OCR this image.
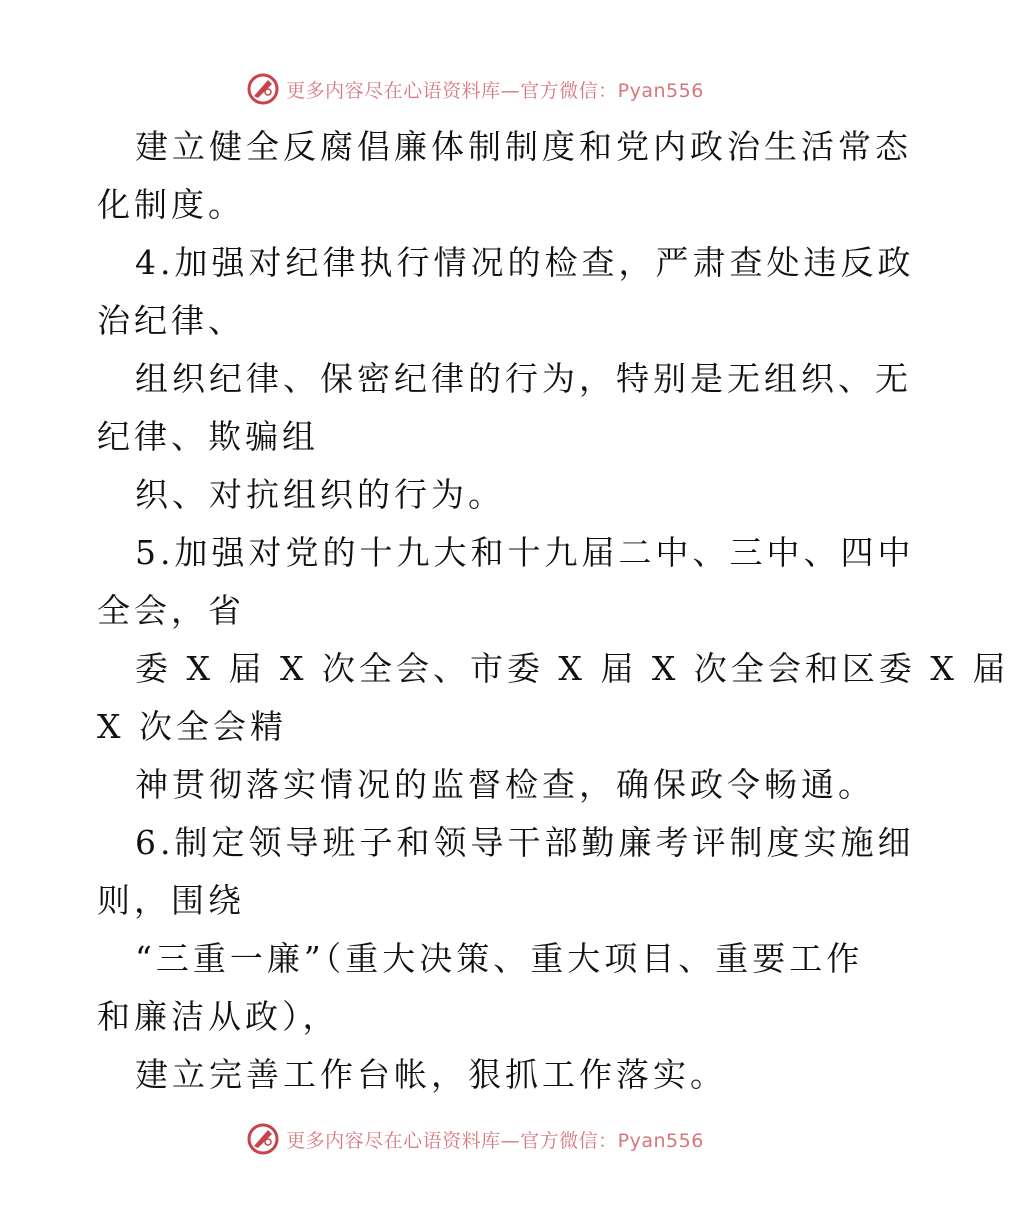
更多内容尽在心语资料库—官方微信：Pyan556
建立健全反腐倡廉体制制度和党内政治生活常态
化制度。
4.加强对纪律执行情况的检查，严肃查处违反政
治纪律、
组织纪律、保密纪律的行为，特别是无组织、无
纪律、欺骗组
织、对抗组织的行为。
5.加强对党的十九大和十九届二中、三中、四中
全会，省
委 X 届 X 次全会、市委 X 届 X 次全会和区委 X 届
X 次全会精
神贯彻落实情况的监督检查，确保政令畅通。
6.制定领导班子和领导干部勤廉考评制度实施细
则，围绕
“三重一廉”（重大决策、重大项目、重要工作
和廉洁从政），
建立完善工作台帐，狠抓工作落实。
更多内容尽在心语资料库—官方微信：Pyan556
